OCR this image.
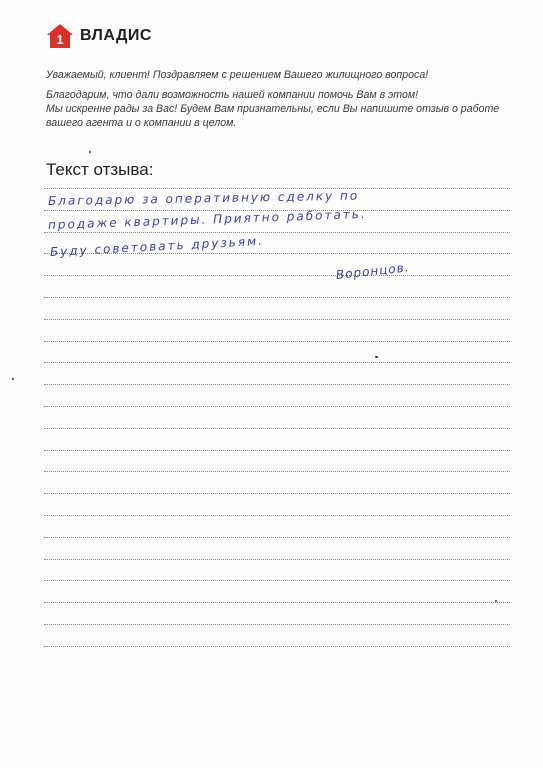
1 ВЛАДИС

Уважаемый, клиент! Поздравляем с решением Вашего жилищного вопроса!

Благодарим, что дали возможность нашей компании помочь Вам в этом!

Мы искренне рады за Вас! Будем Вам признательны, если Вы напишите отзыв о работе

вашего агента и о компании в целом.

Текст отзыва:
Благодарю за оперативную сделку по
продаже квартиры. Приятно работать.
Буду советовать друзьям.
Воронцов.
